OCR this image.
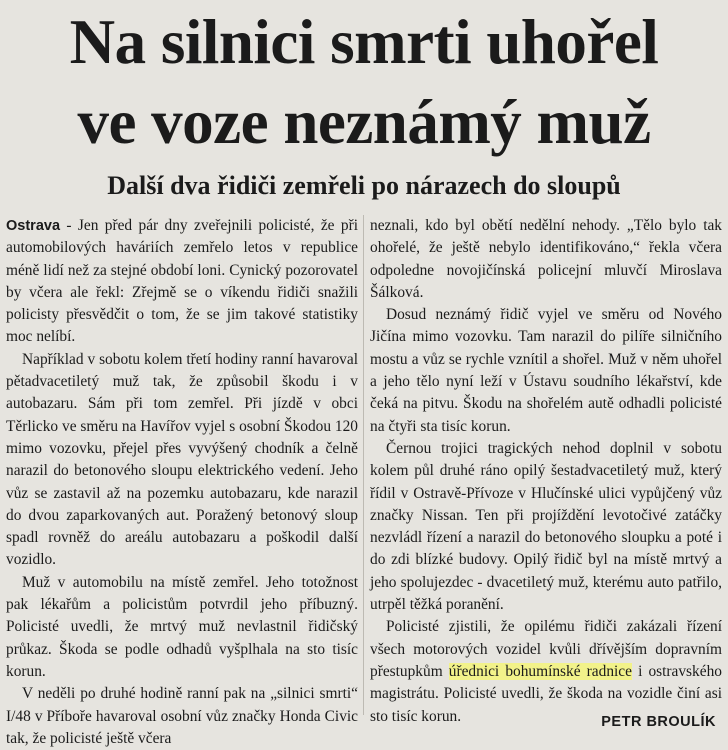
Na silnici smrti uhořel
ve voze neznámý muž
Další dva řidiči zemřeli po nárazech do sloupů

Ostrava - Jen před pár dny zveřejnili policisté, že při automobilových haváriích zemřelo letos v republice méně lidí než za stejné období loni. Cynický pozorovatel by včera ale řekl: Zřejmě se o víkendu řidiči snažili policisty přesvědčit o tom, že se jim takové statistiky moc nelíbí.

Například v sobotu kolem třetí hodiny ranní havaroval pětadvacetiletý muž tak, že způsobil škodu i v autobazaru. Sám při tom zemřel. Při jízdě v obci Těrlicko ve směru na Havířov vyjel s osobní Škodou 120 mimo vozovku, přejel přes vyvýšený chodník a čelně narazil do betonového sloupu elektrického vedení. Jeho vůz se zastavil až na pozemku autobazaru, kde narazil do dvou zaparkovaných aut. Poražený betonový sloup spadl rovněž do areálu autobazaru a poškodil další vozidlo.

Muž v automobilu na místě zemřel. Jeho totožnost pak lékařům a policistům potvrdil jeho příbuzný. Policisté uvedli, že mrtvý muž nevlastnil řidičský průkaz. Škoda se podle odhadů vyšplhala na sto tisíc korun.

V neděli po druhé hodině ranní pak na „silnici smrti“ I/48 v Příboře havaroval osobní vůz značky Honda Civic tak, že policisté ještě včera

neznali, kdo byl obětí nedělní nehody. „Tělo bylo tak ohořelé, že ještě nebylo identifikováno,“ řekla včera odpoledne novojičínská policejní mluvčí Miroslava Šálková.

Dosud neznámý řidič vyjel ve směru od Nového Jičína mimo vozovku. Tam narazil do pilíře silničního mostu a vůz se rychle vznítil a shořel. Muž v něm uhořel a jeho tělo nyní leží v Ústavu soudního lékařství, kde čeká na pitvu. Škodu na shořelém autě odhadli policisté na čtyři sta tisíc korun.

Černou trojici tragických nehod doplnil v sobotu kolem půl druhé ráno opilý šestadvacetiletý muž, který řídil v Ostravě-Přívoze v Hlučínské ulici vypůjčený vůz značky Nissan. Ten při projíždění levotočivé zatáčky nezvládl řízení a narazil do betonového sloupku a poté i do zdi blízké budovy. Opilý řidič byl na místě mrtvý a jeho spolujezdec - dvacetiletý muž, kterému auto patřilo, utrpěl těžká poranění.

Policisté zjistili, že opilému řidiči zakázali řízení všech motorových vozidel kvůli dřívějším dopravním přestupkům úřednici bohumínské radnice i ostravského magistrátu. Policisté uvedli, že škoda na vozidle činí asi sto tisíc korun.	PETR BROULÍK
